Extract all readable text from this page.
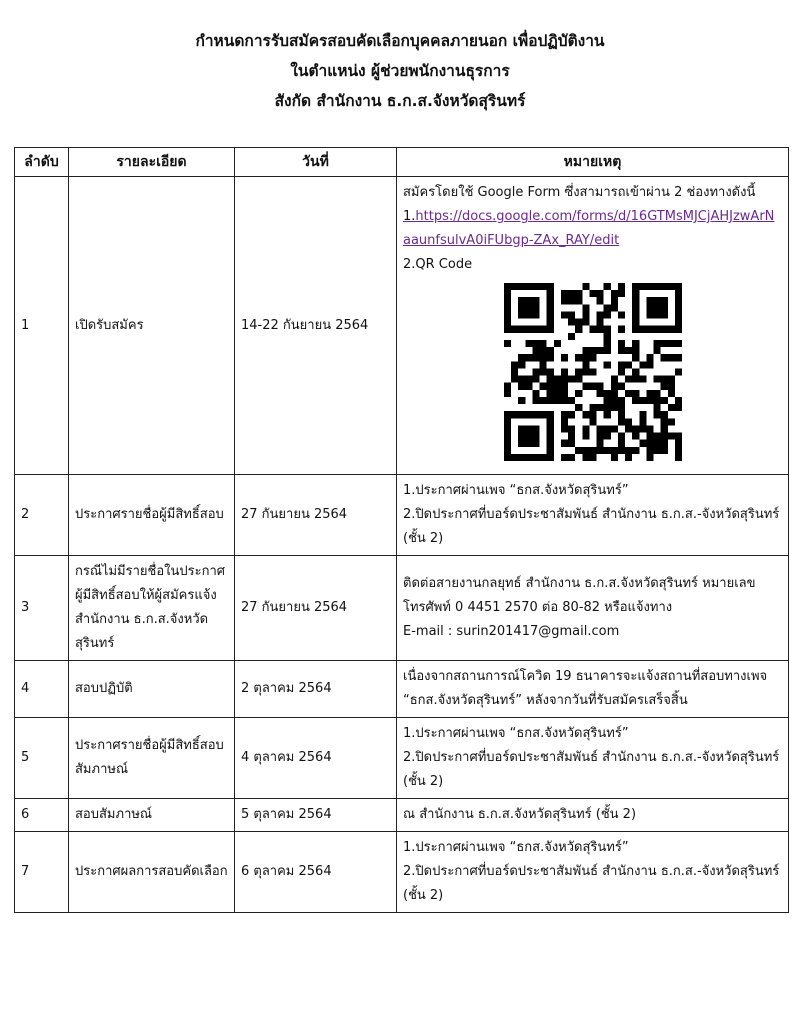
กำหนดการรับสมัครสอบคัดเลือกบุคคลภายนอก เพื่อปฏิบัติงาน
ในตำแหน่ง ผู้ช่วยพนักงานธุรการ
สังกัด สำนักงาน ธ.ก.ส.จังหวัดสุรินทร์
ลำดับ	รายละเอียด	วันที่	หมายเหตุ
1	เปิดรับสมัคร	14-22 กันยายน 2564	สมัครโดยใช้ Google Form ซึ่งสามารถเข้าผ่าน 2 ช่องทางดังนี้
1.https://docs.google.com/forms/d/16GTMsMJCjAHJzwArNaaunfsulvA0iFUbgp-ZAx_RAY/edit
2.QR Code

2	ประกาศรายชื่อผู้มีสิทธิ์สอบ	27 กันยายน 2564	1.ประกาศผ่านเพจ “ธกส.จังหวัดสุรินทร์”
2.ปิดประกาศที่บอร์ดประชาสัมพันธ์ สำนักงาน ธ.ก.ส.-จังหวัดสุรินทร์ (ชั้น 2)

3	กรณีไม่มีรายชื่อในประกาศผู้มีสิทธิ์สอบให้ผู้สมัครแจ้ง สำนักงาน ธ.ก.ส.จังหวัดสุรินทร์	27 กันยายน 2564	ติดต่อสายงานกลยุทธ์ สำนักงาน ธ.ก.ส.จังหวัดสุรินทร์ หมายเลขโทรศัพท์ 0 4451 2570 ต่อ 80-82 หรือแจ้งทาง
E-mail : surin201417@gmail.com

4	สอบปฏิบัติ	2 ตุลาคม 2564	เนื่องจากสถานการณ์โควิด 19 ธนาคารจะแจ้งสถานที่สอบทางเพจ “ธกส.จังหวัดสุรินทร์” หลังจากวันที่รับสมัครเสร็จสิ้น

5	ประกาศรายชื่อผู้มีสิทธิ์สอบสัมภาษณ์	4 ตุลาคม 2564	1.ประกาศผ่านเพจ “ธกส.จังหวัดสุรินทร์”
2.ปิดประกาศที่บอร์ดประชาสัมพันธ์ สำนักงาน ธ.ก.ส.-จังหวัดสุรินทร์ (ชั้น 2)

6	สอบสัมภาษณ์	5 ตุลาคม 2564	ณ สำนักงาน ธ.ก.ส.จังหวัดสุรินทร์ (ชั้น 2)

7	ประกาศผลการสอบคัดเลือก	6 ตุลาคม 2564	1.ประกาศผ่านเพจ “ธกส.จังหวัดสุรินทร์”
2.ปิดประกาศที่บอร์ดประชาสัมพันธ์ สำนักงาน ธ.ก.ส.-จังหวัดสุรินทร์ (ชั้น 2)
